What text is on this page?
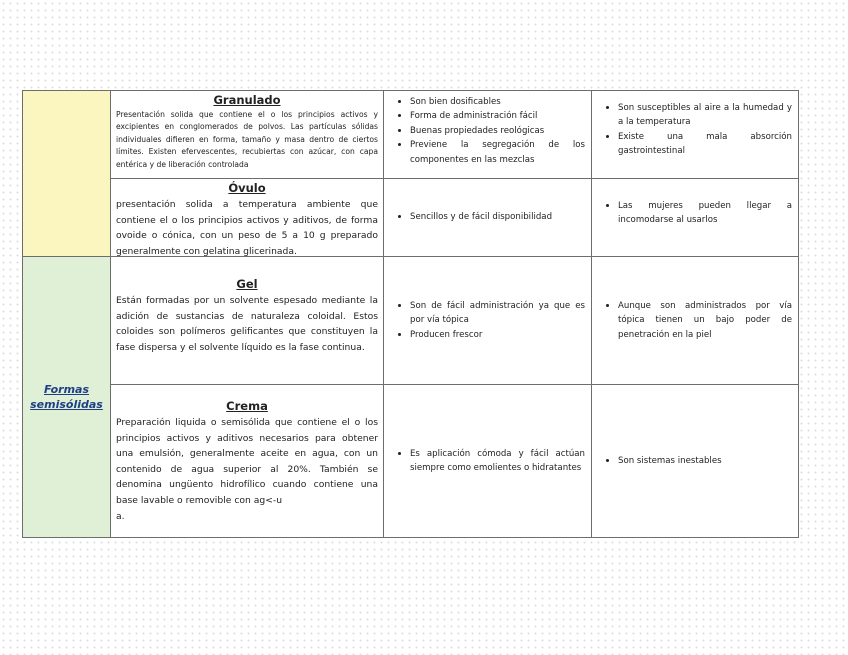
Granulado
Presentación solida que contiene el o los principios activos y excipientes en conglomerados de polvos. Las partículas sólidas individuales difieren en forma, tamaño y masa dentro de ciertos límites. Existen efervescentes, recubiertas con azúcar, con capa entérica y de liberación controlada
• Son bien dosificables
• Forma de administración fácil
• Buenas propiedades reológicas
• Previene la segregación de los componentes en las mezclas
• Son susceptibles al aire a la humedad y a la temperatura
• Existe una mala absorción gastrointestinal
Óvulo
presentación solida a temperatura ambiente que contiene el o los principios activos y aditivos, de forma ovoide o cónica, con un peso de 5 a 10 g preparado generalmente con gelatina glicerinada.
• Sencillos y de fácil disponibilidad
• Las mujeres pueden llegar a incomodarse al usarlos
Formas semisólidas
Gel
Están formadas por un solvente espesado mediante la adición de sustancias de naturaleza coloidal. Estos coloides son polímeros gelificantes que constituyen la fase dispersa y el solvente líquido es la fase continua.
• Son de fácil administración ya que es por vía tópica
• Producen frescor
• Aunque son administrados por vía tópica tienen un bajo poder de penetración en la piel
Crema
Preparación liquida o semisólida que contiene el o los principios activos y aditivos necesarios para obtener una emulsión, generalmente aceite en agua, con un contenido de agua superior al 20%. También se denomina ungüento hidrofílico cuando contiene una base lavable o removible con ag<-u
a.
• Es aplicación cómoda y fácil actúan siempre como emolientes o hidratantes
• Son sistemas inestables
